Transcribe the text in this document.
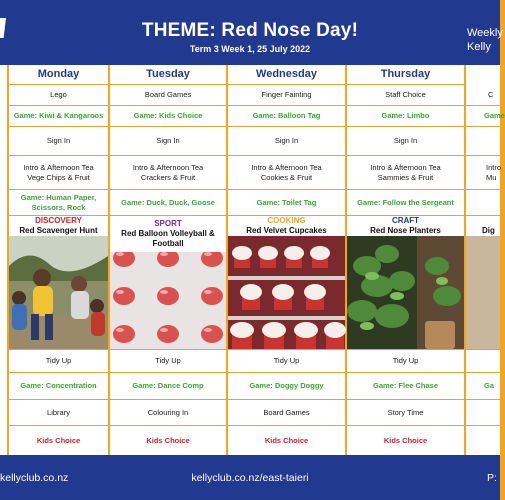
THEME: Red Nose Day!
Term 3 Week 1, 25 July 2022
Weekly
Kelly
Monday
Lego
Game: Kiwi & Kangaroos
Sign In
Intro & Afternoon Tea
Vege Chips & Fruit
Game: Human Paper,
Scissors, Rock
DISCOVERY
Red Scavenger Hunt
Tidy Up
Game: Concentration
Library
Kids Choice
Tuesday
Board Games
Game: Kids Choice
Sign In
Intro & Afternoon Tea
Crackers & Fruit
Game: Duck, Duck, Goose
SPORT
Red Balloon Volleyball &
Football
Tidy Up
Game: Dance Comp
Colouring In
Kids Choice
Wednesday
Finger Fainting
Game: Balloon Tag
Sign In
Intro & Afternoon Tea
Cookies & Fruit
Game: Toilet Tag
COOKING
Red Velvet Cupcakes
Tidy Up
Game: Doggy Doggy
Board Games
Kids Choice
Thursday
Staff Choice
Game: Limbo
Sign In
Intro & Afternoon Tea
Sammies & Fruit
Game: Follow the Sergeant
CRAFT
Red Nose Planters
Tidy Up
Game: Flee Chase
Story Time
Kids Choice
C
Game
Intro
Mu
Dig
Ga
kellyclub.co.nz	kellyclub.co.nz/east-taieri	P:
